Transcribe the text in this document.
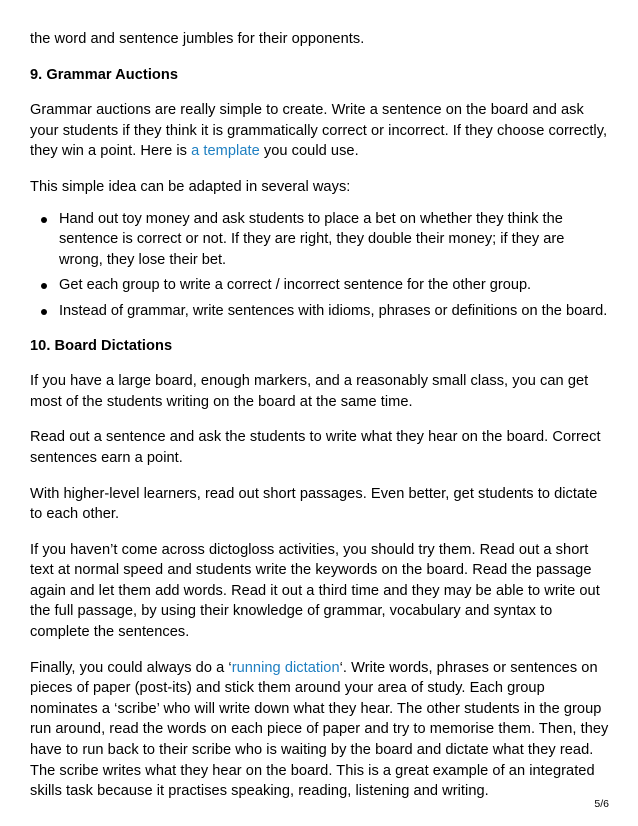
the word and sentence jumbles for their opponents.

9. Grammar Auctions

Grammar auctions are really simple to create. Write a sentence on the board and ask your students if they think it is grammatically correct or incorrect. If they choose correctly, they win a point. Here is a template you could use.

This simple idea can be adapted in several ways:

Hand out toy money and ask students to place a bet on whether they think the sentence is correct or not. If they are right, they double their money; if they are wrong, they lose their bet.
Get each group to write a correct / incorrect sentence for the other group.
Instead of grammar, write sentences with idioms, phrases or definitions on the board.

10. Board Dictations

If you have a large board, enough markers, and a reasonably small class, you can get most of the students writing on the board at the same time.

Read out a sentence and ask the students to write what they hear on the board. Correct sentences earn a point.

With higher-level learners, read out short passages. Even better, get students to dictate to each other.

If you haven’t come across dictogloss activities, you should try them. Read out a short text at normal speed and students write the keywords on the board. Read the passage again and let them add words. Read it out a third time and they may be able to write out the full passage, by using their knowledge of grammar, vocabulary and syntax to complete the sentences.

Finally, you could always do a ‘running dictation‘. Write words, phrases or sentences on pieces of paper (post-its) and stick them around your area of study. Each group nominates a ‘scribe’ who will write down what they hear. The other students in the group run around, read the words on each piece of paper and try to memorise them. Then, they have to run back to their scribe who is waiting by the board and dictate what they read. The scribe writes what they hear on the board. This is a great example of an integrated skills task because it practises speaking, reading, listening and writing.

5/6
